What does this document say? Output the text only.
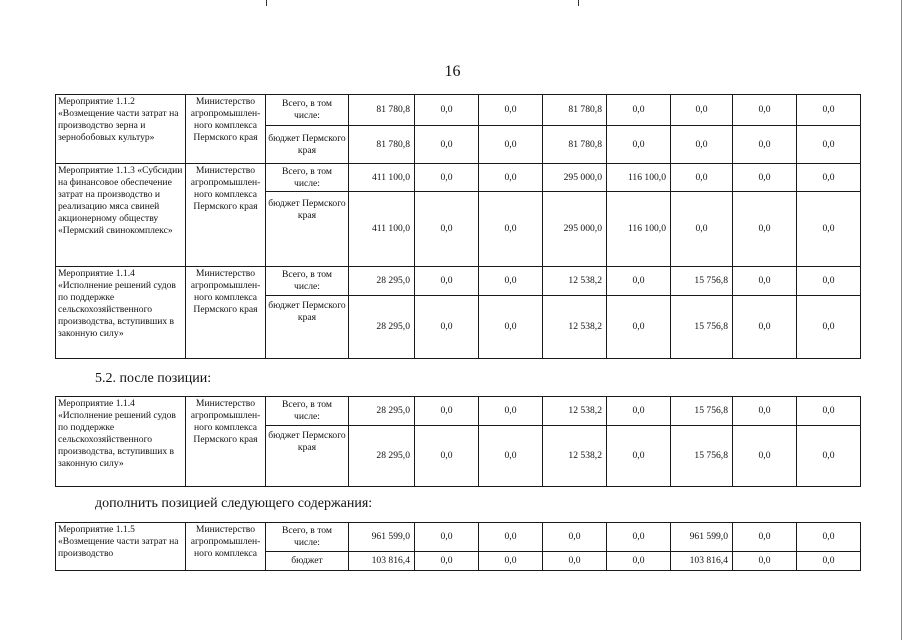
16
Мероприятие 1.1.2 «Возмещение части затрат на производство зерна и зернобобовых культур»	Министерство агропромышлен-ного комплекса Пермского края	Всего, в том числе:	81 780,8	0,0	0,0	81 780,8	0,0	0,0	0,0	0,0
		бюджет Пермского края	81 780,8	0,0	0,0	81 780,8	0,0	0,0	0,0	0,0
Мероприятие 1.1.3 «Субсидии на финансовое обеспечение затрат на производство и реализацию мяса свиней акционерному обществу «Пермский свинокомплекс»	Министерство агропромышлен-ного комплекса Пермского края	Всего, в том числе:	411 100,0	0,0	0,0	295 000,0	116 100,0	0,0	0,0	0,0
		бюджет Пермского края	411 100,0	0,0	0,0	295 000,0	116 100,0	0,0	0,0	0,0
Мероприятие 1.1.4 «Исполнение решений судов по поддержке сельскохозяйственного производства, вступивших в законную силу»	Министерство агропромышлен-ного комплекса Пермского края	Всего, в том числе:	28 295,0	0,0	0,0	12 538,2	0,0	15 756,8	0,0	0,0
		бюджет Пермского края	28 295,0	0,0	0,0	12 538,2	0,0	15 756,8	0,0	0,0
5.2. после позиции:
Мероприятие 1.1.4 «Исполнение решений судов по поддержке сельскохозяйственного производства, вступивших в законную силу»	Министерство агропромышлен-ного комплекса Пермского края	Всего, в том числе:	28 295,0	0,0	0,0	12 538,2	0,0	15 756,8	0,0	0,0
		бюджет Пермского края	28 295,0	0,0	0,0	12 538,2	0,0	15 756,8	0,0	0,0
дополнить позицией следующего содержания:
Мероприятие 1.1.5 «Возмещение части затрат на производство	Министерство агропромышлен-ного комплекса	Всего, в том числе:	961 599,0	0,0	0,0	0,0	0,0	961 599,0	0,0	0,0
		бюджет	103 816,4	0,0	0,0	0,0	0,0	103 816,4	0,0	0,0
